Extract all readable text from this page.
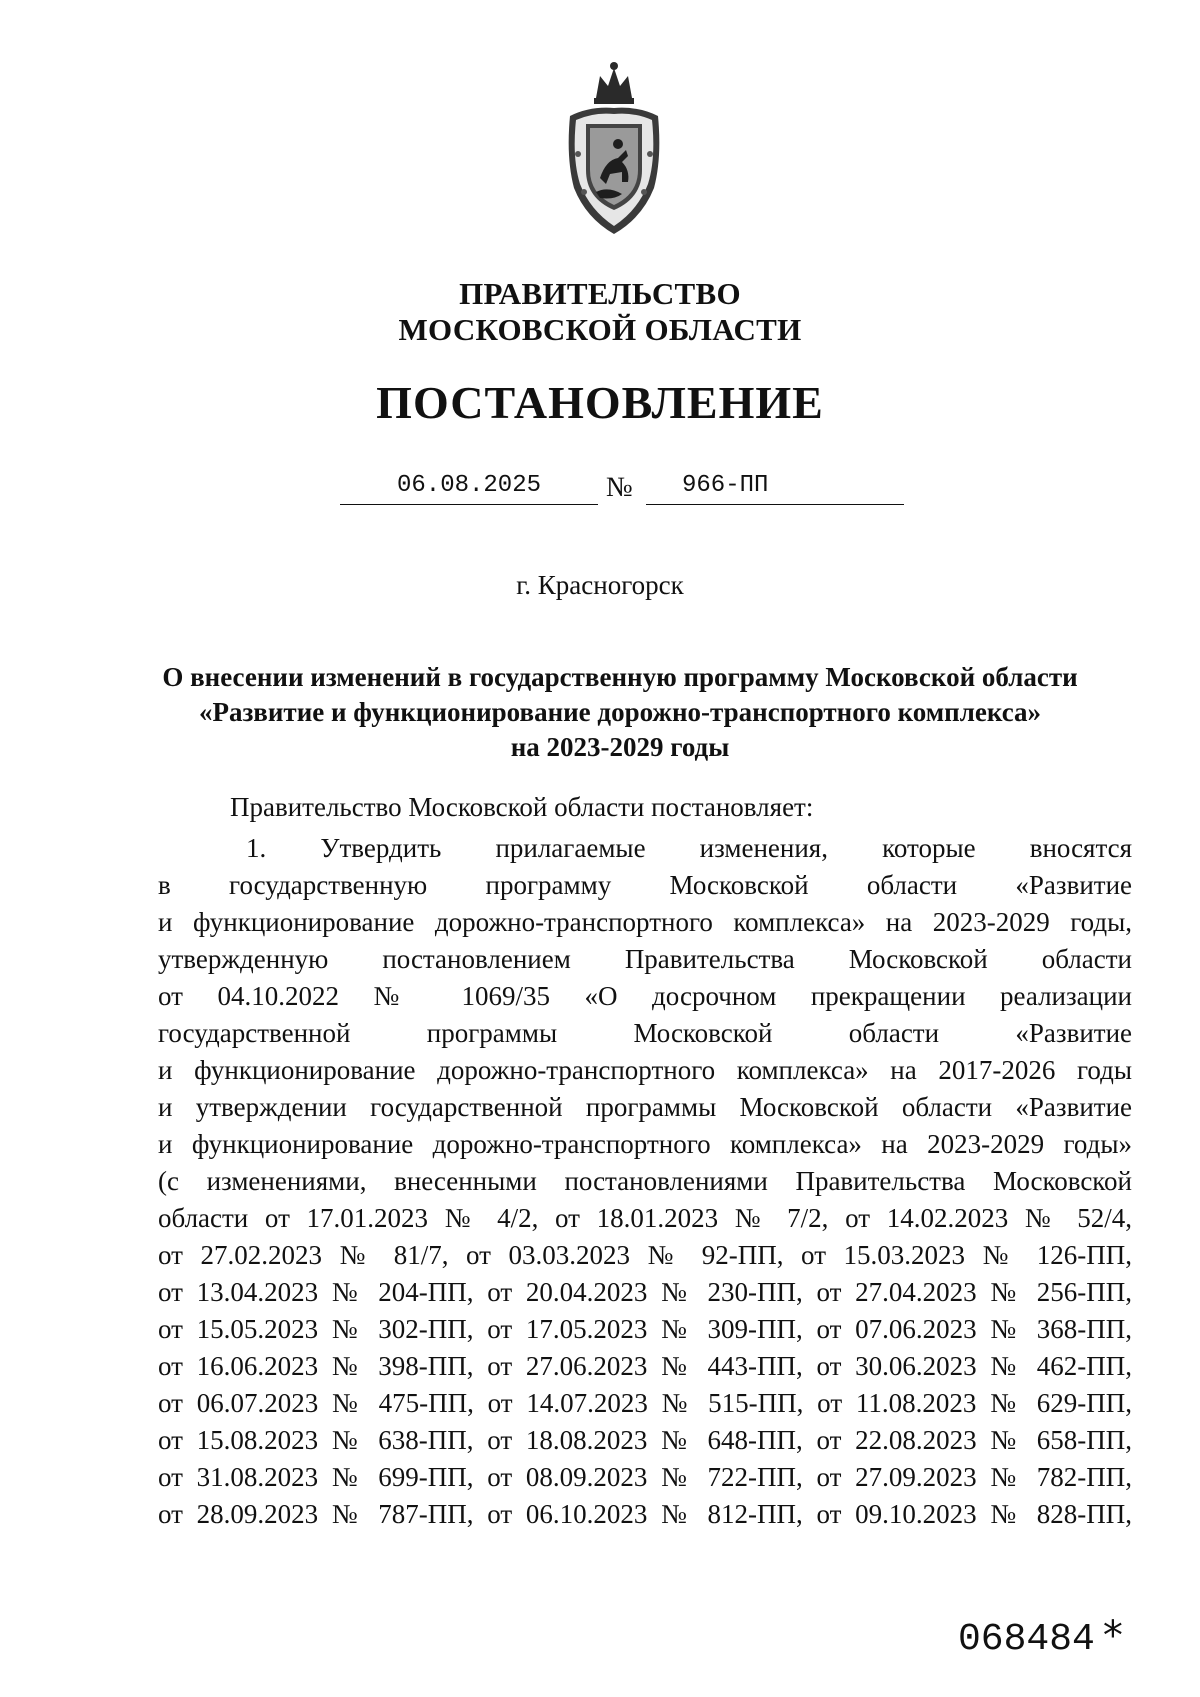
ПРАВИТЕЛЬСТВО
МОСКОВСКОЙ ОБЛАСТИ
ПОСТАНОВЛЕНИЕ
06.08.2025	№ 966-ПП
г. Красногорск
О внесении изменений в государственную программу Московской области
«Развитие и функционирование дорожно-транспортного комплекса»
на 2023-2029 годы
Правительство Московской области постановляет:
1. Утвердить прилагаемые изменения, которые вносятся
в государственную программу Московской области «Развитие
и функционирование дорожно-транспортного комплекса» на 2023-2029 годы,
утвержденную постановлением Правительства Московской области
от 04.10.2022 № 1069/35 «О досрочном прекращении реализации
государственной программы Московской области «Развитие
и функционирование дорожно-транспортного комплекса» на 2017-2026 годы
и утверждении государственной программы Московской области «Развитие
и функционирование дорожно-транспортного комплекса» на 2023-2029 годы»
(с изменениями, внесенными постановлениями Правительства Московской
области от 17.01.2023 № 4/2, от 18.01.2023 № 7/2, от 14.02.2023 № 52/4,
от 27.02.2023 № 81/7, от 03.03.2023 № 92-ПП, от 15.03.2023 № 126-ПП,
от 13.04.2023 № 204-ПП, от 20.04.2023 № 230-ПП, от 27.04.2023 № 256-ПП,
от 15.05.2023 № 302-ПП, от 17.05.2023 № 309-ПП, от 07.06.2023 № 368-ПП,
от 16.06.2023 № 398-ПП, от 27.06.2023 № 443-ПП, от 30.06.2023 № 462-ПП,
от 06.07.2023 № 475-ПП, от 14.07.2023 № 515-ПП, от 11.08.2023 № 629-ПП,
от 15.08.2023 № 638-ПП, от 18.08.2023 № 648-ПП, от 22.08.2023 № 658-ПП,
от 31.08.2023 № 699-ПП, от 08.09.2023 № 722-ПП, от 27.09.2023 № 782-ПП,
от 28.09.2023 № 787-ПП, от 06.10.2023 № 812-ПП, от 09.10.2023 № 828-ПП,
068484 *
